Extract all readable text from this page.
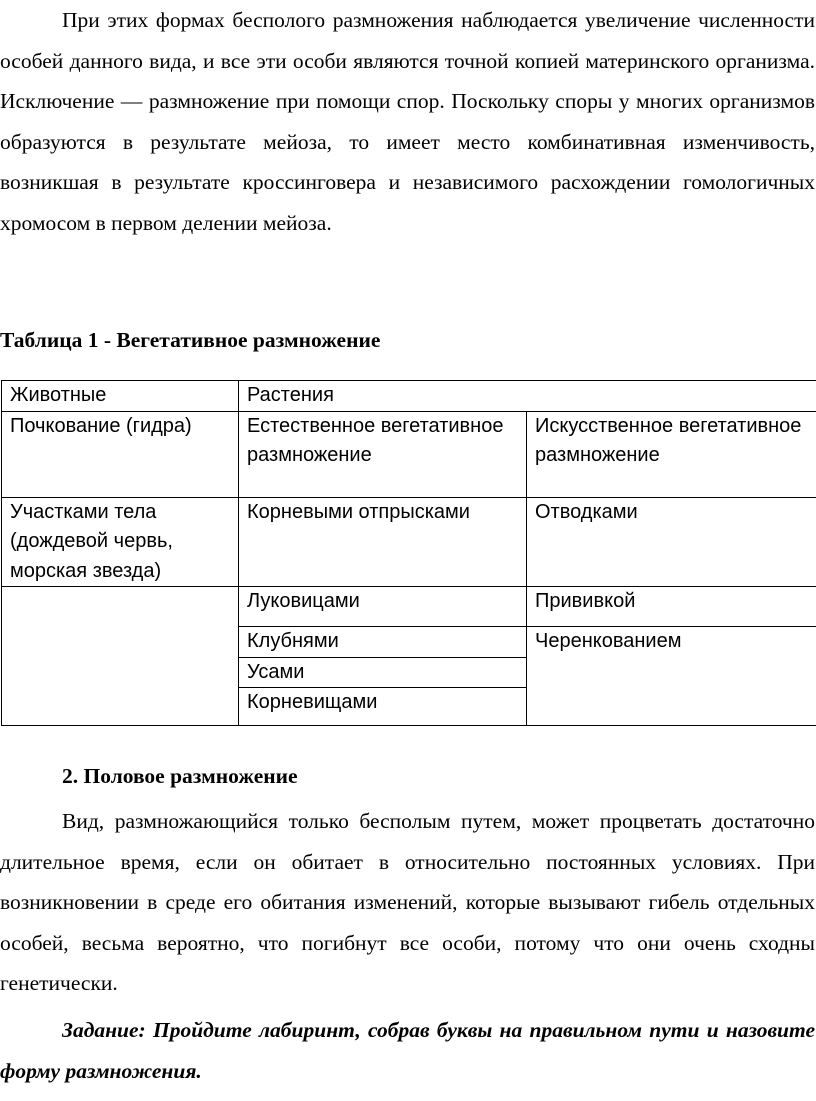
При этих формах бесполого размножения наблюдается увеличение численности особей данного вида, и все эти особи являются точной копией материнского организма. Исключение — размножение при помощи спор. Поскольку споры у многих организмов образуются в результате мейоза, то имеет место комбинативная изменчивость, возникшая в результате кроссинговера и независимого расхождении гомологичных хромосом в первом делении мейоза.

Таблица 1 - Вегетативное размножение

Животные	Растения	
Почкование (гидра)	Естественное вегетативное размножение	Искусственное вегетативное размножение
Участками тела (дождевой червь, морская звезда)	Корневыми отпрысками	Отводками
	Луковицами	Прививкой
	Клубнями	Черенкованием
	Усами	
	Корневищами	

2. Половое размножение

Вид, размножающийся только бесполым путем, может процветать достаточно длительное время, если он обитает в относительно постоянных условиях. При возникновении в среде его обитания изменений, которые вызывают гибель отдельных особей, весьма вероятно, что погибнут все особи, потому что они очень сходны генетически.

Задание: Пройдите лабиринт, собрав буквы на правильном пути и назовите форму размножения.
